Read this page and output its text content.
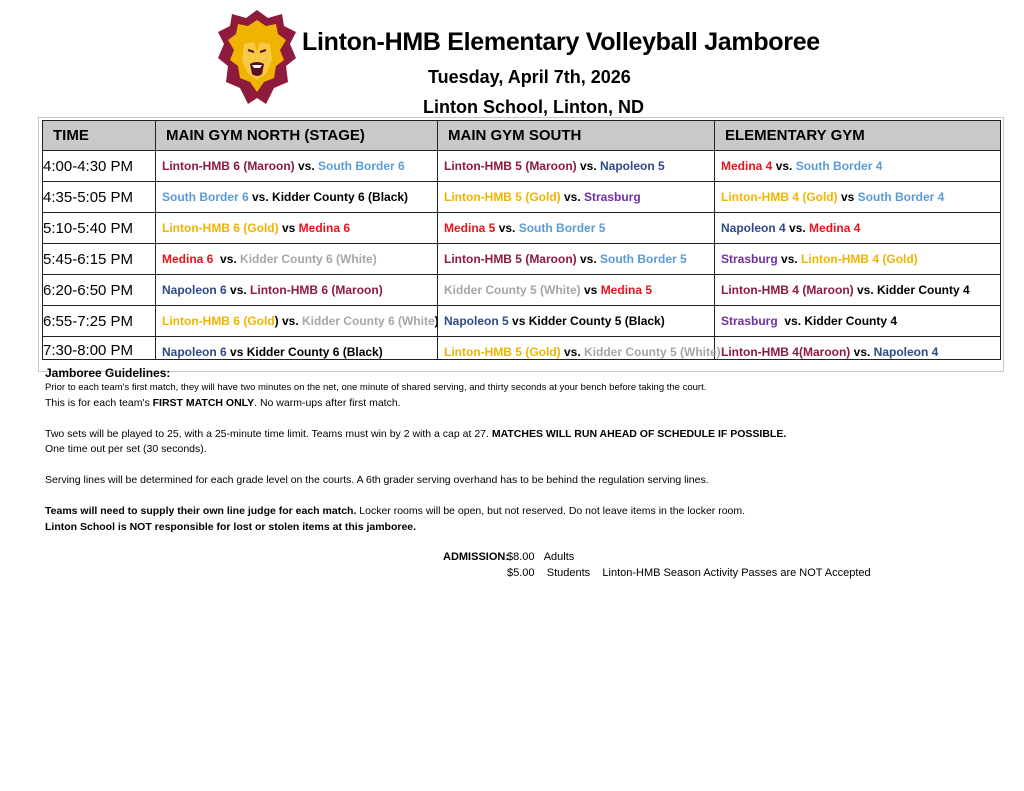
Linton-HMB Elementary Volleyball Jamboree
Tuesday, April 7th, 2026
Linton School, Linton, ND
TIME	MAIN GYM NORTH (STAGE)	MAIN GYM SOUTH	ELEMENTARY GYM
4:00-4:30 PM	Linton-HMB 6 (Maroon) vs. South Border 6	Linton-HMB 5 (Maroon) vs. Napoleon 5	Medina 4 vs. South Border 4
4:35-5:05 PM	South Border 6 vs. Kidder County 6 (Black)	Linton-HMB 5 (Gold) vs. Strasburg	Linton-HMB 4 (Gold) vs South Border 4
5:10-5:40 PM	Linton-HMB 6 (Gold) vs Medina 6	Medina 5 vs. South Border 5	Napoleon 4 vs. Medina 4
5:45-6:15 PM	Medina 6  vs. Kidder County 6 (White)	Linton-HMB 5 (Maroon) vs. South Border 5	Strasburg vs. Linton-HMB 4 (Gold)
6:20-6:50 PM	Napoleon 6 vs. Linton-HMB 6 (Maroon)	Kidder County 5 (White) vs Medina 5	Linton-HMB 4 (Maroon) vs. Kidder County 4
6:55-7:25 PM	Linton-HMB 6 (Gold) vs. Kidder County 6 (White)	Napoleon 5 vs Kidder County 5 (Black)	Strasburg  vs. Kidder County 4
7:30-8:00 PM	Napoleon 6 vs Kidder County 6 (Black)	Linton-HMB 5 (Gold) vs. Kidder County 5 (White)	Linton-HMB 4(Maroon) vs. Napoleon 4
Jamboree Guidelines:

Prior to each team's first match, they will have two minutes on the net, one minute of shared serving, and thirty seconds at your bench before taking the court.

This is for each team's FIRST MATCH ONLY. No warm-ups after first match.

Two sets will be played to 25, with a 25-minute time limit. Teams must win by 2 with a cap at 27. MATCHES WILL RUN AHEAD OF SCHEDULE IF POSSIBLE.

One time out per set (30 seconds).

Serving lines will be determined for each grade level on the courts. A 6th grader serving overhand has to be behind the regulation serving lines.

Teams will need to supply their own line judge for each match. Locker rooms will be open, but not reserved. Do not leave items in the locker room.

Linton School is NOT responsible for lost or stolen items at this jamboree.

ADMISSION:
$8.00 Adults
$5.00 Students Linton-HMB Season Activity Passes are NOT Accepted
